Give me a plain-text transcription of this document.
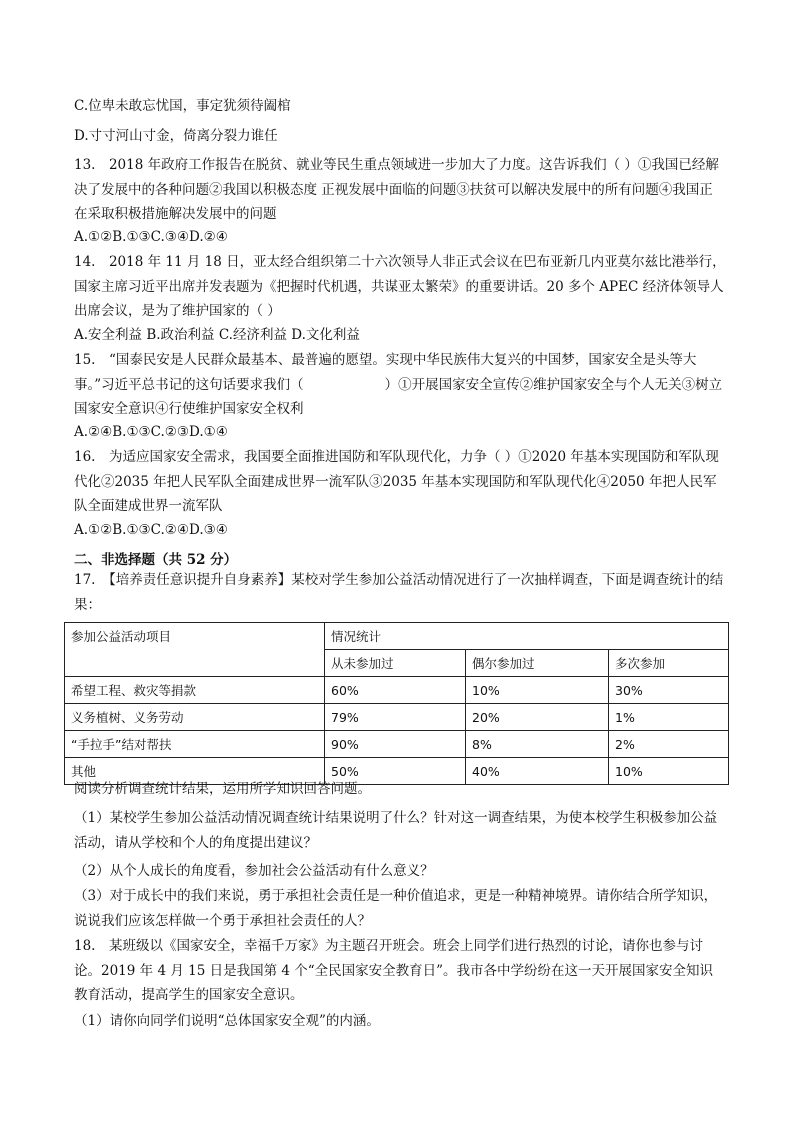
C.位卑未敢忘忧国，事定犹须待阖棺
D.寸寸河山寸金，倚离分裂力谁任
13.　2018 年政府工作报告在脱贫、就业等民生重点领域进一步加大了力度。这告诉我们（ ）①我国已经解决了发展中的各种问题②我国以积极态度 正视发展中面临的问题③扶贫可以解决发展中的所有问题④我国正在采取积极措施解决发展中的问题
A.①②B.①③C.③④D.②④
14.　2018 年 11 月 18 日，亚太经合组织第二十六次领导人非正式会议在巴布亚新几内亚莫尔兹比港举行，国家主席习近平出席并发表题为《把握时代机遇，共谋亚太繁荣》的重要讲话。20 多个 APEC 经济体领导人出席会议，是为了维护国家的（ ）
A.安全利益 B.政治利益 C.经济利益 D.文化利益
15.　“国泰民安是人民群众最基本、最普遍的愿望。实现中华民族伟大复兴的中国梦，国家安全是头等大事。”习近平总书记的这句话要求我们（　　　　　　）①开展国家安全宣传②维护国家安全与个人无关③树立国家安全意识④行使维护国家安全权利
A.②④B.①③C.②③D.①④
16.　为适应国家安全需求，我国要全面推进国防和军队现代化，力争（ ）①2020 年基本实现国防和军队现代化②2035 年把人民军队全面建成世界一流军队③2035 年基本实现国防和军队现代化④2050 年把人民军队全面建成世界一流军队
A.①②B.①③C.②④D.③④
二、非选择题（共 52 分）
17.　【培养责任意识提升自身素养】某校对学生参加公益活动情况进行了一次抽样调查，下面是调查统计的结果：
参加公益活动项目	情况统计		
	从未参加过	偶尔参加过	多次参加
希望工程、救灾等捐款	60%	10%	30%
义务植树、义务劳动	79%	20%	1%
“手拉手”结对帮扶	90%	8%	2%
其他	50%	40%	10%
阅读分析调查统计结果，运用所学知识回答问题。
（1）某校学生参加公益活动情况调查统计结果说明了什么？针对这一调查结果，为使本校学生积极参加公益活动，请从学校和个人的角度提出建议？
（2）从个人成长的角度看，参加社会公益活动有什么意义？
（3）对于成长中的我们来说，勇于承担社会责任是一种价值追求，更是一种精神境界。请你结合所学知识，说说我们应该怎样做一个勇于承担社会责任的人？
18.　某班级以《国家安全，幸福千万家》为主题召开班会。班会上同学们进行热烈的讨论，请你也参与讨论。2019 年 4 月 15 日是我国第 4 个“全民国家安全教育日”。我市各中学纷纷在这一天开展国家安全知识教育活动，提高学生的国家安全意识。
（1）请你向同学们说明“总体国家安全观”的内涵。
